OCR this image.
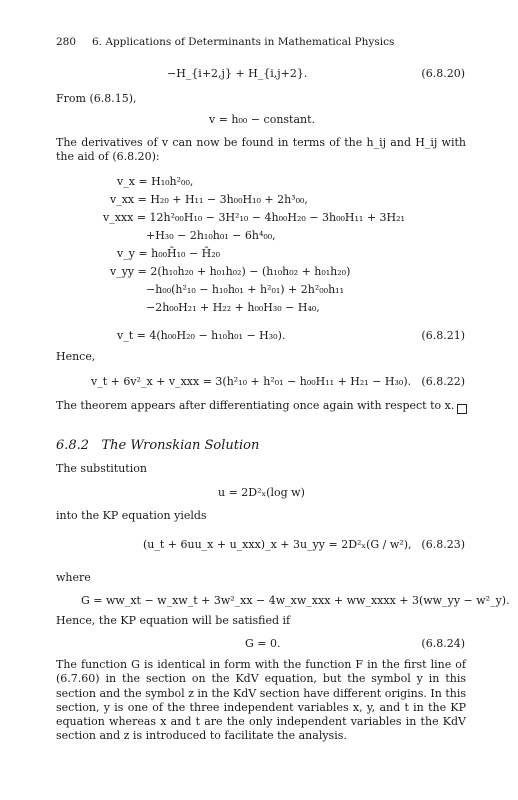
280 6. Applications of Determinants in Mathematical Physics
−H_{i+2,j} + H_{i,j+2}.	(6.8.20)
From (6.8.15),
v = h₀₀ − constant.
The derivatives of v can now be found in terms of the h_ij and H_ij with the aid of (6.8.20):
v_x = H₁₀h²₀₀,
v_xx = H₂₀ + H₁₁ − 3h₀₀H₁₀ + 2h³₀₀,
v_xxx = 12h²₀₀H₁₀ − 3H²₁₀ − 4h₀₀H₂₀ − 3h₀₀H₁₁ + 3H₂₁
+H₃₀ − 2h₁₀h₀₁ − 6h⁴₀₀,
v_y = h₀₀H̄₁₀ − H̄₂₀
v_yy = 2(h₁₀h₂₀ + h₀₁h₀₂) − (h₁₀h₀₂ + h₀₁h₂₀)
−h₀₀(h²₁₀ − h₁₀h₀₁ + h²₀₁) + 2h²₀₀h₁₁
−2h₀₀H₂₁ + H₂₂ + h₀₀H₃₀ − H₄₀,
v_t = 4(h₀₀H₂₀ − h₁₀h₀₁ − H₃₀).	(6.8.21)
Hence,
v_t + 6v²_x + v_xxx = 3(h²₁₀ + h²₀₁ − h₀₀H₁₁ + H₂₁ − H₃₀). (6.8.22)
The theorem appears after differentiating once again with respect to x.
6.8.2 The Wronskian Solution
The substitution
u = 2D²ₓ(log w)
into the KP equation yields
(u_t + 6uu_x + u_xxx)_x + 3u_yy = 2D²ₓ(G / w²), (6.8.23)
where
G = ww_xt − w_xw_t + 3w²_xx − 4w_xw_xxx + ww_xxxx + 3(ww_yy − w²_y).
Hence, the KP equation will be satisfied if
G = 0.	(6.8.24)
The function G is identical in form with the function F in the first line of (6.7.60) in the section on the KdV equation, but the symbol y in this section and the symbol z in the KdV section have different origins. In this section, y is one of the three independent variables x, y, and t in the KP equation whereas x and t are the only independent variables in the KdV section and z is introduced to facilitate the analysis.
